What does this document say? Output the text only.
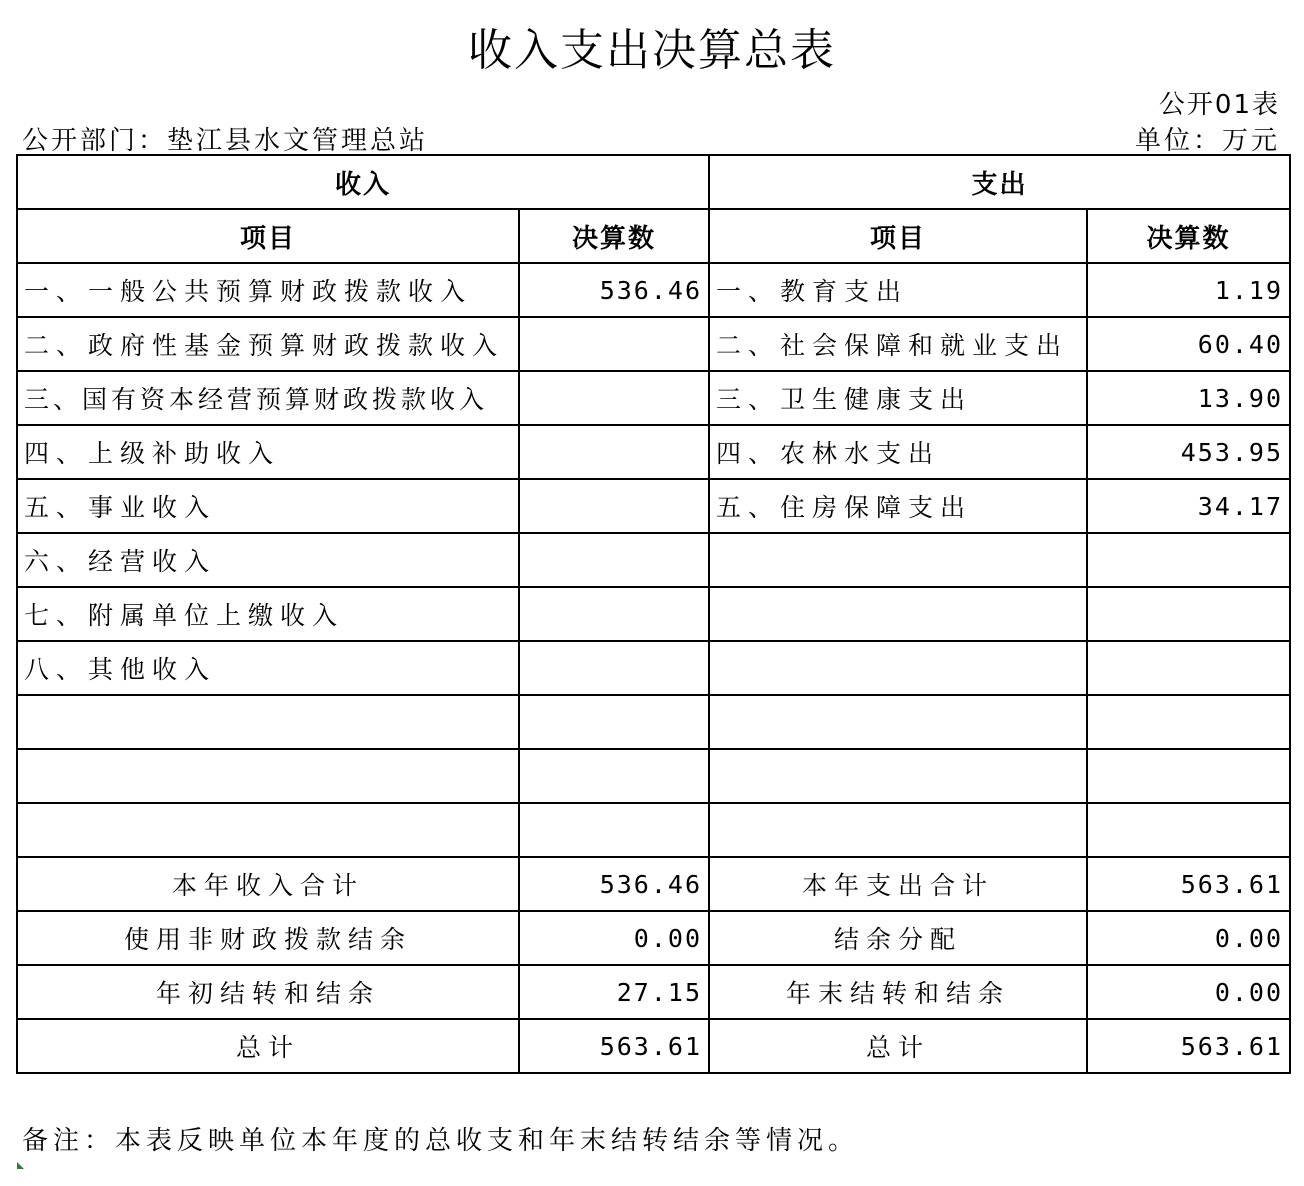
收入支出决算总表
公开01表
公开部门：垫江县水文管理总站	单位：万元
收入		支出	
项目	决算数	项目	决算数
一、一般公共预算财政拨款收入	536.46	一、教育支出	1.19
二、政府性基金预算财政拨款收入		二、社会保障和就业支出	60.40
三、国有资本经营预算财政拨款收入		三、卫生健康支出	13.90
四、上级补助收入		四、农林水支出	453.95
五、事业收入		五、住房保障支出	34.17
六、经营收入			
七、附属单位上缴收入			
八、其他收入			

本年收入合计	536.46	本年支出合计	563.61
使用非财政拨款结余	0.00	结余分配	0.00
年初结转和结余	27.15	年末结转和结余	0.00
总计	563.61	总计	563.61
备注：本表反映单位本年度的总收支和年末结转结余等情况。
